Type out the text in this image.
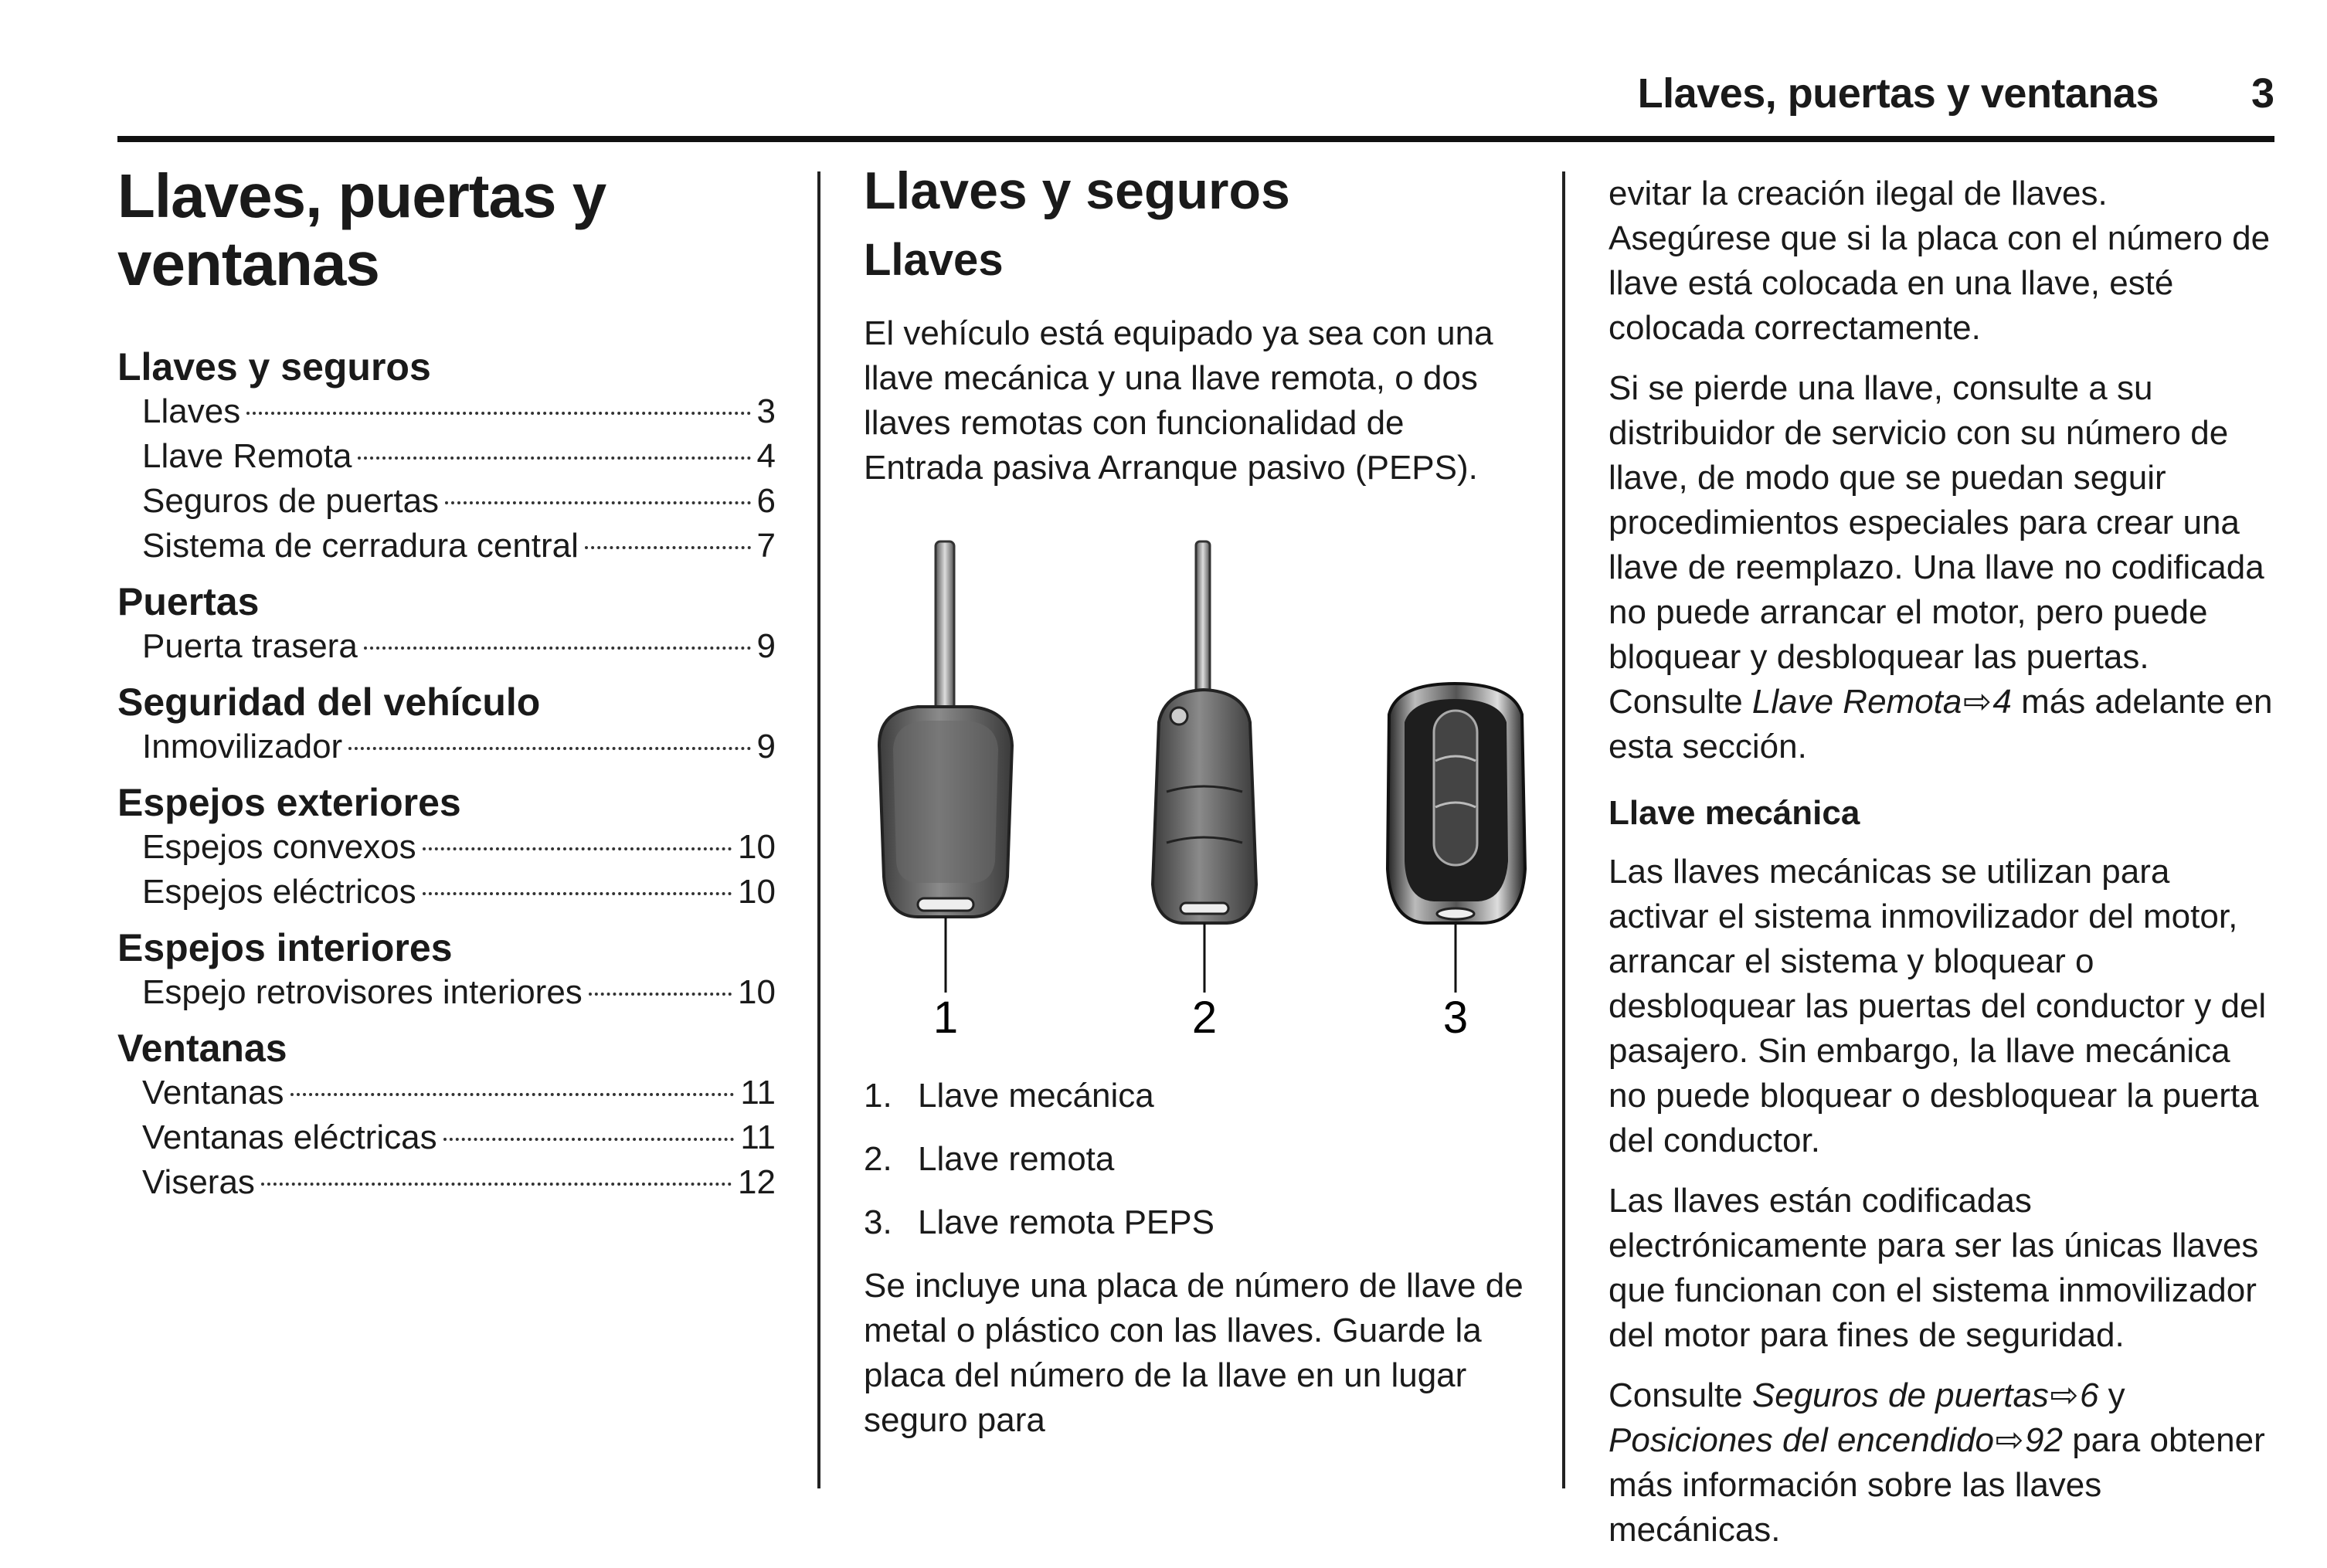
Llaves, puertas y ventanas 3
Llaves, puertas y ventanas
Llaves y seguros
Llaves	3
Llave Remota	4
Seguros de puertas	6
Sistema de cerradura central	7
Puertas
Puerta trasera	9
Seguridad del vehículo
Inmovilizador	9
Espejos exteriores
Espejos convexos	10
Espejos eléctricos	10
Espejos interiores
Espejo retrovisores interiores	10
Ventanas
Ventanas	11
Ventanas eléctricas	11
Viseras	12
Llaves y seguros
Llaves

El vehículo está equipado ya sea con una llave mecánica y una llave remota, o dos llaves remotas con funcionalidad de Entrada pasiva Arranque pasivo (PEPS).

1	2	3
1. Llave mecánica
2. Llave remota
3. Llave remota PEPS

Se incluye una placa de número de llave de metal o plástico con las llaves. Guarde la placa del número de la llave en un lugar seguro para

evitar la creación ilegal de llaves. Asegúrese que si la placa con el número de llave está colocada en una llave, esté colocada correctamente.

Si se pierde una llave, consulte a su distribuidor de servicio con su número de llave, de modo que se puedan seguir procedimientos especiales para crear una llave de reemplazo. Una llave no codificada no puede arrancar el motor, pero puede bloquear y desbloquear las puertas. Consulte Llave Remota⇨4 más adelante en esta sección.

Llave mecánica

Las llaves mecánicas se utilizan para activar el sistema inmovilizador del motor, arrancar el sistema y bloquear o desbloquear las puertas del conductor y del pasajero. Sin embargo, la llave mecánica no puede bloquear o desbloquear la puerta del conductor.

Las llaves están codificadas electrónicamente para ser las únicas llaves que funcionan con el sistema inmovilizador del motor para fines de seguridad.

Consulte Seguros de puertas⇨6 y Posiciones del encendido⇨92 para obtener más información sobre las llaves mecánicas.
